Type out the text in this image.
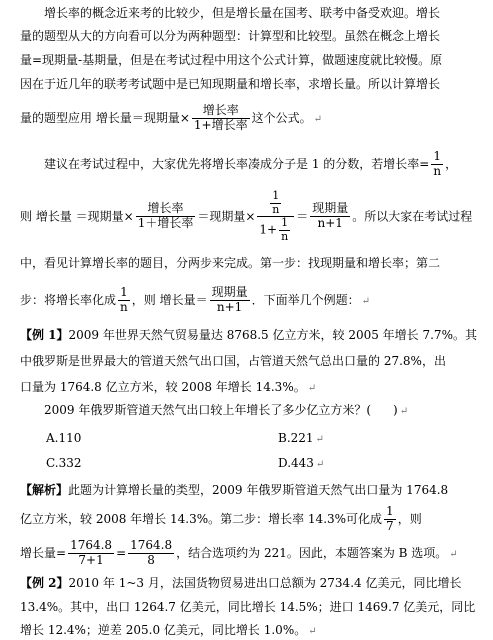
增长率的概念近来考的比较少，但是增长量在国考、联考中备受欢迎。增长
量的题型从大的方向看可以分为两种题型：计算型和比较型。虽然在概念上增长
量=现期量-基期量，但是在考试过程中用这个公式计算，做题速度就比较慢。原
因在于近几年的联考考试题中是已知现期量和增长率，求增长量。所以计算增长
量的题型应用 增长量＝现期量× $\frac{\text{增长率}}{\text{1+增长率}}$ 这个公式。 ↵
建议在考试过程中，大家优先将增长率凑成分子是 1 的分数，若增长率= $\frac{1}{n}$ ，
则 增长量 ＝现期量× $\frac{\text{增长率}}{\text{1＋增长率}}$ ＝现期量× $\frac{\frac{1}{n}}{1+ \frac{1}{n}} = \frac{\text{现期量}}{n+1}$ 。所以大家在考试过程
中，看见计算增长率的题目，分两步来完成。第一步：找现期量和增长率；第二
步：将增长率化成 $\frac{1}{n}$ ，则 增长量＝ $\frac{\text{现期量}}{n+1}$ ．下面举几个例题： ↵
【例 1】2009 年世界天然气贸易量达 8768.5 亿立方米，较 2005 年增长 7.7%。其
中俄罗斯是世界最大的管道天然气出口国，占管道天然气总出口量的 27.8%，出
口量为 1764.8 亿立方米，较 2008 年增长 14.3%。 ↵
2009 年俄罗斯管道天然气出口较上年增长了多少亿立方米？( ) ↵
A.110	B.221 ↵
C.332	D.443 ↵
【解析】此题为计算增长量的类型，2009 年俄罗斯管道天然气出口量为 1764.8
亿立方米，较 2008 年增长 14.3%。第二步：增长率 14.3%可化成 $\frac{1}{7}$ ，则
增长量= $\frac{1764.8}{7+1} = \frac{1764.8}{8}$ ，结合选项约为 221。因此，本题答案为 B 选项。 ↵
【例 2】2010 年 1~3 月，法国货物贸易进出口总额为 2734.4 亿美元，同比增长
13.4%。其中，出口 1264.7 亿美元，同比增长 14.5%；进口 1469.7 亿美元，同比
增长 12.4%；逆差 205.0 亿美元，同比增长 1.0%。 ↵
